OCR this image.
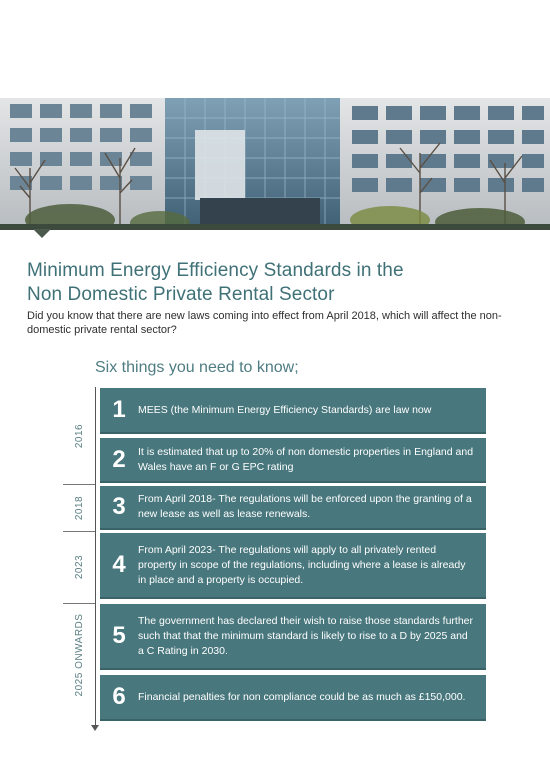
Minimum Energy Efficiency Standards in the
Non Domestic Private Rental Sector

Did you know that there are new laws coming into effect from April 2018, which will affect the non-domestic private rental sector?

Six things you need to know;
2016
2018
2023
2025 ONWARDS
1	MEES (the Minimum Energy Efficiency Standards) are law now
2	It is estimated that up to 20% of non domestic properties in England and Wales have an F or G EPC rating
3	From April 2018- The regulations will be enforced upon the granting of a new lease as well as lease renewals.
4
From April 2023- The regulations will apply to all privately rented property in scope of the regulations, including where a lease is already in place and a property is occupied.
5
The government has declared their wish to raise those standards further such that that the minimum standard is likely to rise to a D by 2025 and a C Rating in 2030.
6	Financial penalties for non compliance could be as much as £150,000.
